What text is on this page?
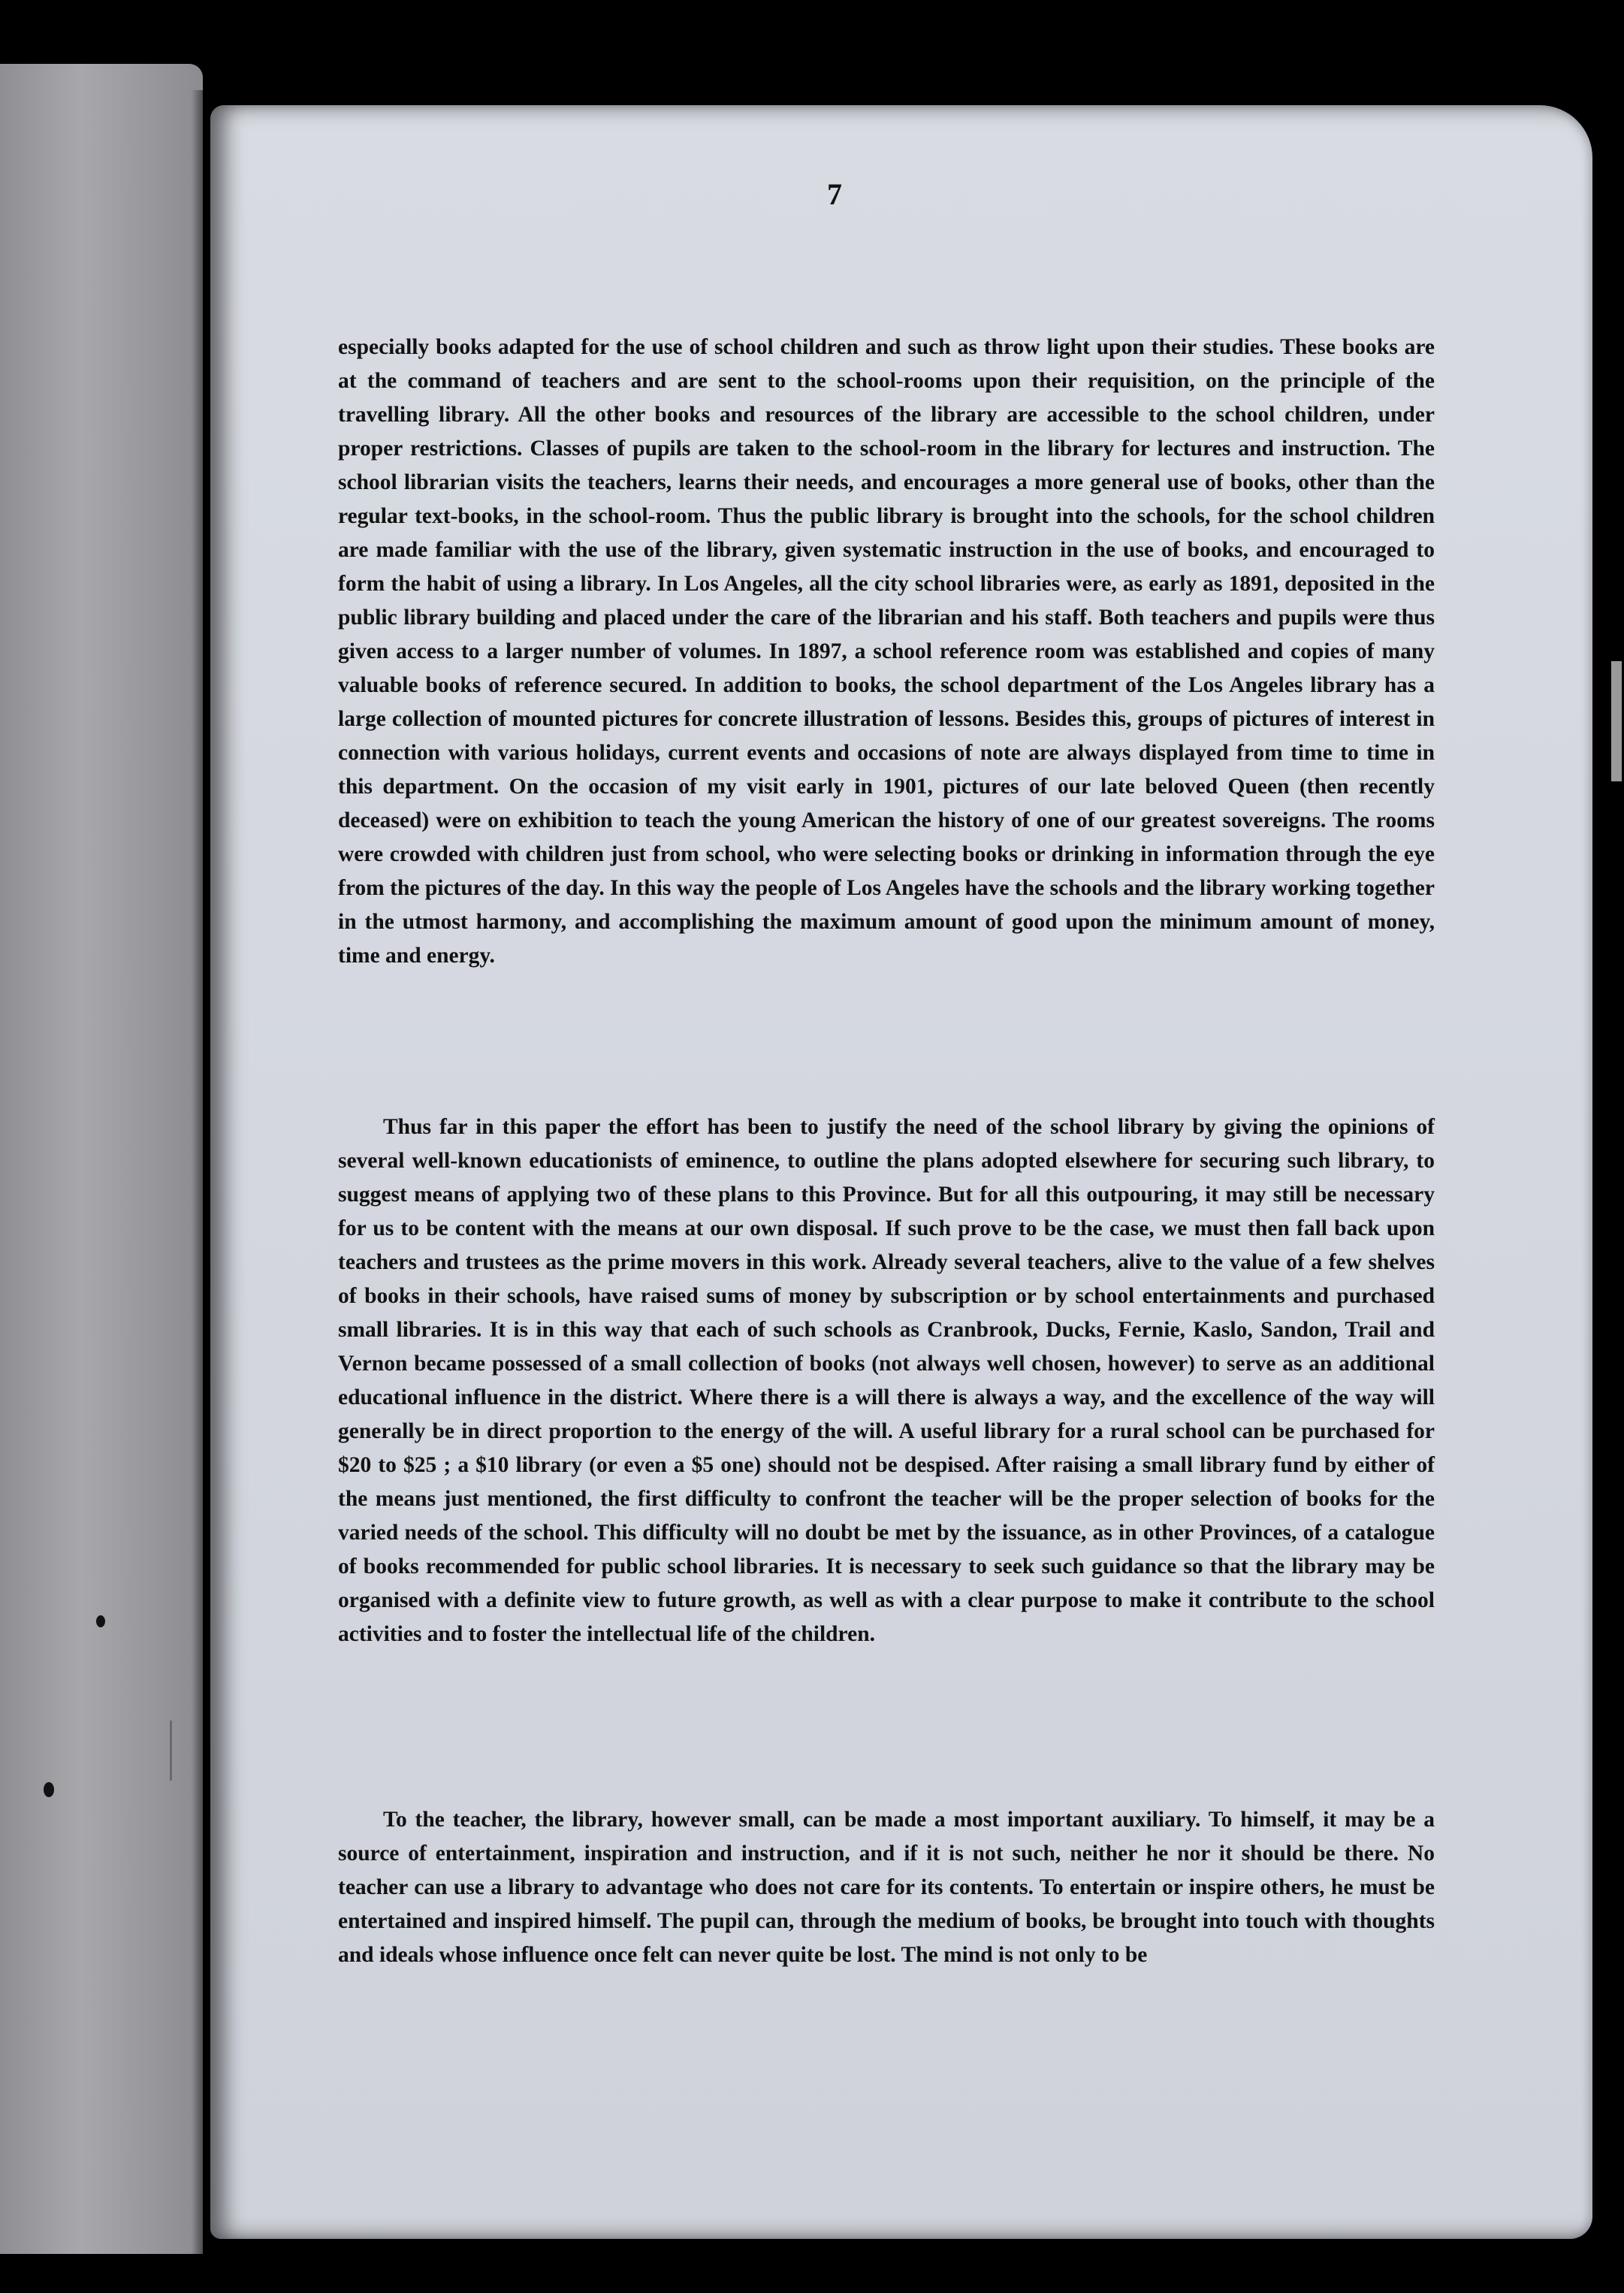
7
especially books adapted for the use of school children and such as throw light upon their studies. These books are at the command of teachers and are sent to the school-rooms upon their requisition, on the principle of the travelling library. All the other books and resources of the library are accessible to the school children, under proper restrictions. Classes of pupils are taken to the school-room in the library for lectures and instruction. The school librarian visits the teachers, learns their needs, and encourages a more general use of books, other than the regular text-books, in the school-room. Thus the public library is brought into the schools, for the school children are made familiar with the use of the library, given systematic instruction in the use of books, and encouraged to form the habit of using a library. In Los Angeles, all the city school libraries were, as early as 1891, deposited in the public library building and placed under the care of the librarian and his staff. Both teachers and pupils were thus given access to a larger number of volumes. In 1897, a school reference room was established and copies of many valuable books of reference secured. In addition to books, the school department of the Los Angeles library has a large collection of mounted pictures for concrete illustration of lessons. Besides this, groups of pictures of interest in connection with various holidays, current events and occasions of note are always displayed from time to time in this department. On the occasion of my visit early in 1901, pictures of our late beloved Queen (then recently deceased) were on exhibition to teach the young American the history of one of our greatest sovereigns. The rooms were crowded with children just from school, who were selecting books or drinking in information through the eye from the pictures of the day. In this way the people of Los Angeles have the schools and the library working together in the utmost harmony, and accomplishing the maximum amount of good upon the minimum amount of money, time and energy.
Thus far in this paper the effort has been to justify the need of the school library by giving the opinions of several well-known educationists of eminence, to outline the plans adopted elsewhere for securing such library, to suggest means of applying two of these plans to this Province. But for all this outpouring, it may still be necessary for us to be content with the means at our own disposal. If such prove to be the case, we must then fall back upon teachers and trustees as the prime movers in this work. Already several teachers, alive to the value of a few shelves of books in their schools, have raised sums of money by subscription or by school entertainments and purchased small libraries. It is in this way that each of such schools as Cranbrook, Ducks, Fernie, Kaslo, Sandon, Trail and Vernon became possessed of a small collection of books (not always well chosen, however) to serve as an additional educational influence in the district. Where there is a will there is always a way, and the excellence of the way will generally be in direct proportion to the energy of the will. A useful library for a rural school can be purchased for $20 to $25 ; a $10 library (or even a $5 one) should not be despised. After raising a small library fund by either of the means just mentioned, the first difficulty to confront the teacher will be the proper selection of books for the varied needs of the school. This difficulty will no doubt be met by the issuance, as in other Provinces, of a catalogue of books recommended for public school libraries. It is necessary to seek such guidance so that the library may be organised with a definite view to future growth, as well as with a clear purpose to make it contribute to the school activities and to foster the intellectual life of the children.
To the teacher, the library, however small, can be made a most important auxiliary. To himself, it may be a source of entertainment, inspiration and instruction, and if it is not such, neither he nor it should be there. No teacher can use a library to advantage who does not care for its contents. To entertain or inspire others, he must be entertained and inspired himself. The pupil can, through the medium of books, be brought into touch with thoughts and ideals whose influence once felt can never quite be lost. The mind is not only to be
